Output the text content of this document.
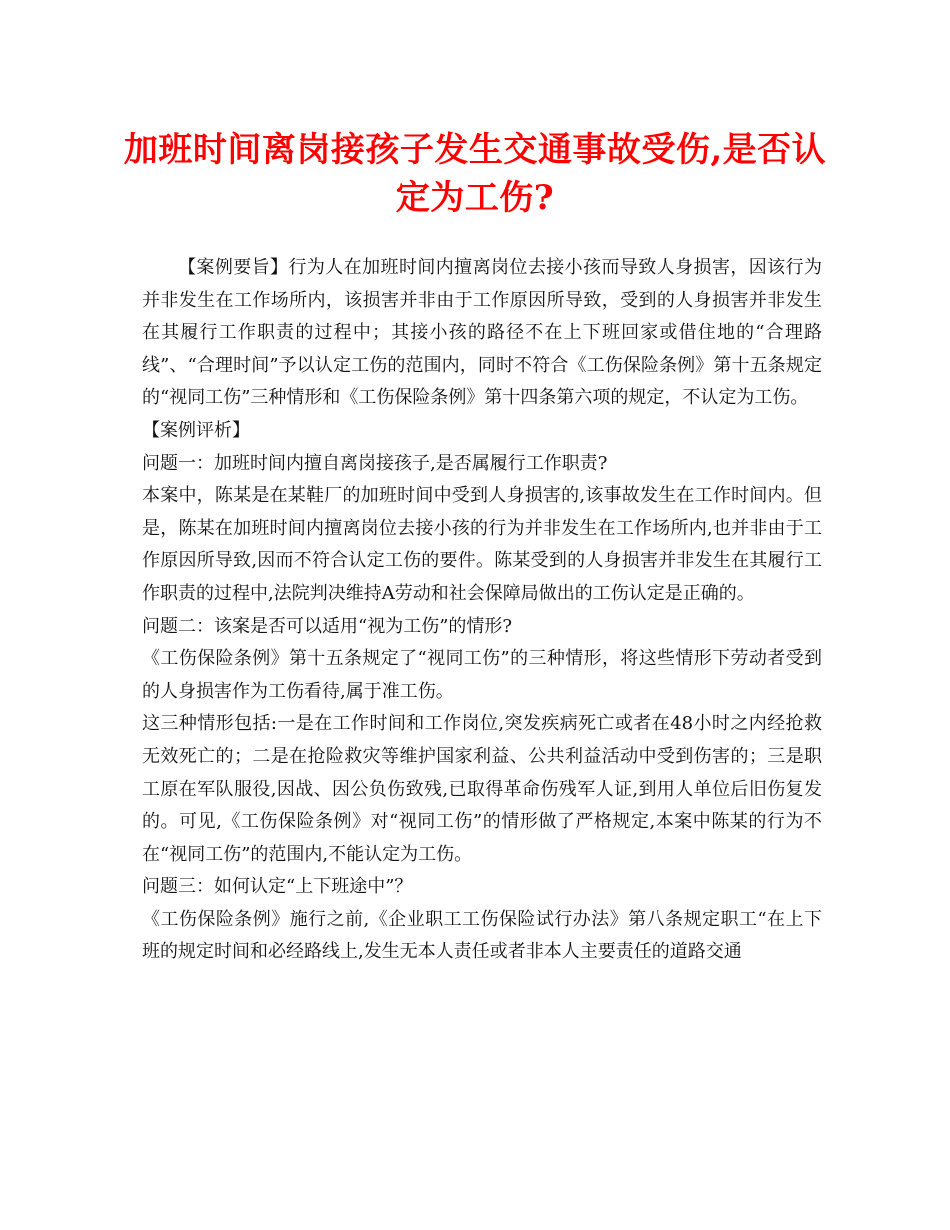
加班时间离岗接孩子发生交通事故受伤,是否认定为工伤?

【案例要旨】行为人在加班时间内擅离岗位去接小孩而导致人身损害，因该行为并非发生在工作场所内，该损害并非由于工作原因所导致，受到的人身损害并非发生在其履行工作职责的过程中；其接小孩的路径不在上下班回家或借住地的“合理路线”、“合理时间”予以认定工伤的范围内，同时不符合《工伤保险条例》第十五条规定的“视同工伤”三种情形和《工伤保险条例》第十四条第六项的规定，不认定为工伤。

【案例评析】

问题一：加班时间内擅自离岗接孩子,是否属履行工作职责?

本案中，陈某是在某鞋厂的加班时间中受到人身损害的,该事故发生在工作时间内。但是，陈某在加班时间内擅离岗位去接小孩的行为并非发生在工作场所内,也并非由于工作原因所导致,因而不符合认定工伤的要件。陈某受到的人身损害并非发生在其履行工作职责的过程中,法院判决维持A劳动和社会保障局做出的工伤认定是正确的。

问题二：该案是否可以适用“视为工伤”的情形?

《工伤保险条例》第十五条规定了“视同工伤”的三种情形，将这些情形下劳动者受到的人身损害作为工伤看待,属于准工伤。

这三种情形包括:一是在工作时间和工作岗位,突发疾病死亡或者在48小时之内经抢救无效死亡的；二是在抢险救灾等维护国家利益、公共利益活动中受到伤害的；三是职工原在军队服役,因战、因公负伤致残,已取得革命伤残军人证,到用人单位后旧伤复发的。可见,《工伤保险条例》对“视同工伤”的情形做了严格规定,本案中陈某的行为不在“视同工伤”的范围内,不能认定为工伤。

问题三：如何认定“上下班途中”？

《工伤保险条例》施行之前,《企业职工工伤保险试行办法》第八条规定职工“在上下班的规定时间和必经路线上,发生无本人责任或者非本人主要责任的道路交通
